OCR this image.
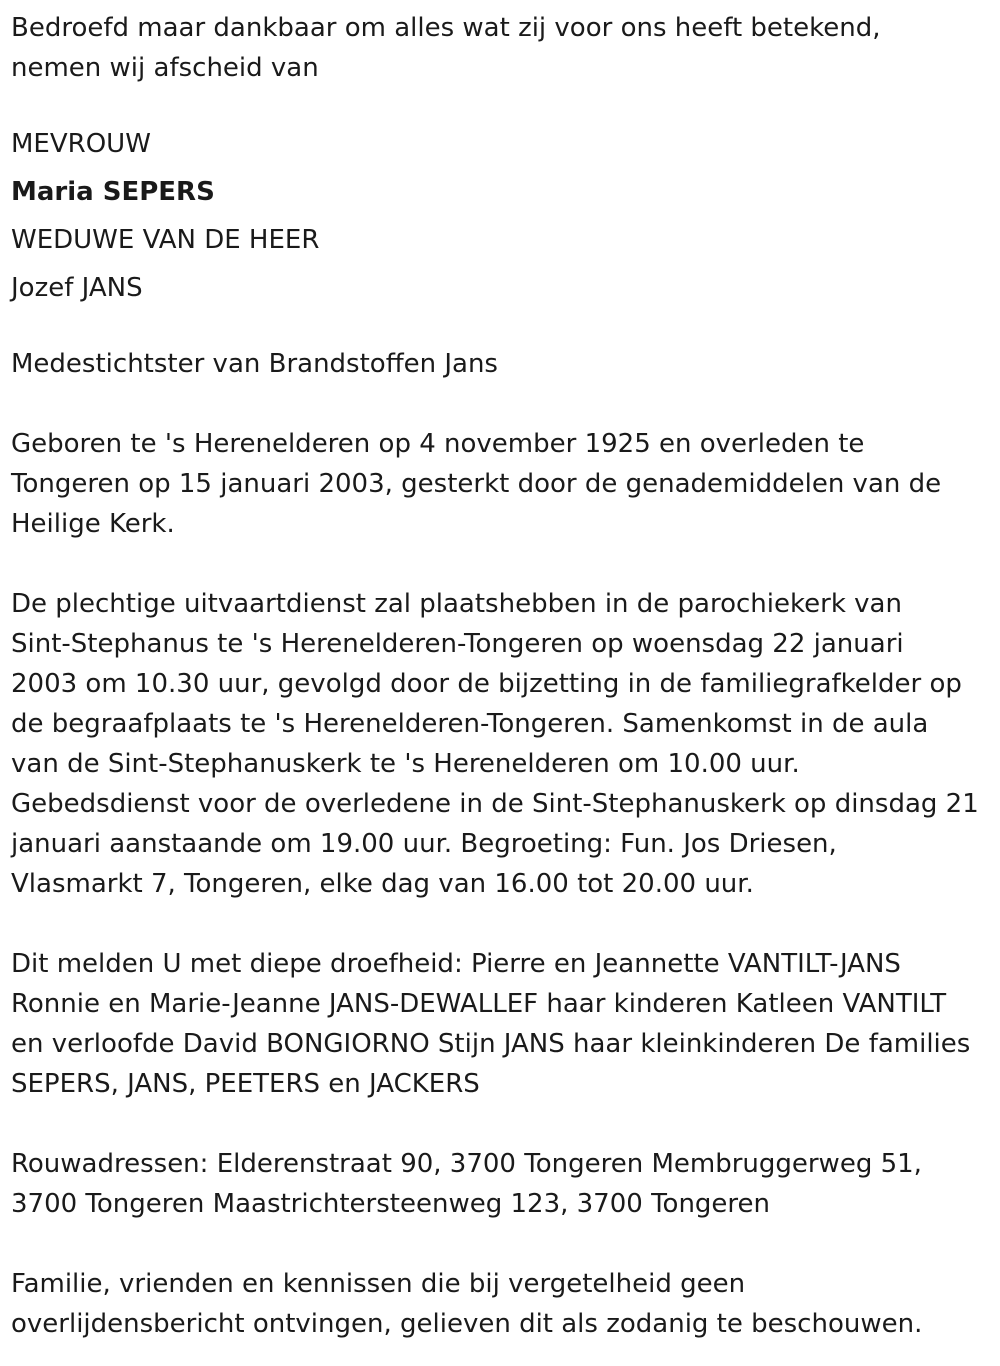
Bedroefd maar dankbaar om alles wat zij voor ons heeft betekend,

nemen wij afscheid van

MEVROUW

Maria SEPERS

WEDUWE VAN DE HEER

Jozef JANS

Medestichtster van Brandstoffen Jans

Geboren te 's Herenelderen op 4 november 1925 en overleden te

Tongeren op 15 januari 2003, gesterkt door de genademiddelen van de

Heilige Kerk.

De plechtige uitvaartdienst zal plaatshebben in de parochiekerk van

Sint-Stephanus te 's Herenelderen-Tongeren op woensdag 22 januari

2003 om 10.30 uur, gevolgd door de bijzetting in de familiegrafkelder op

de begraafplaats te 's Herenelderen-Tongeren. Samenkomst in de aula

van de Sint-Stephanuskerk te 's Herenelderen om 10.00 uur.

Gebedsdienst voor de overledene in de Sint-Stephanuskerk op dinsdag 21

januari aanstaande om 19.00 uur. Begroeting: Fun. Jos Driesen,

Vlasmarkt 7, Tongeren, elke dag van 16.00 tot 20.00 uur.

Dit melden U met diepe droefheid: Pierre en Jeannette VANTILT-JANS

Ronnie en Marie-Jeanne JANS-DEWALLEF haar kinderen Katleen VANTILT

en verloofde David BONGIORNO Stijn JANS haar kleinkinderen De families

SEPERS, JANS, PEETERS en JACKERS

Rouwadressen: Elderenstraat 90, 3700 Tongeren Membruggerweg 51,

3700 Tongeren Maastrichtersteenweg 123, 3700 Tongeren

Familie, vrienden en kennissen die bij vergetelheid geen

overlijdensbericht ontvingen, gelieven dit als zodanig te beschouwen.
